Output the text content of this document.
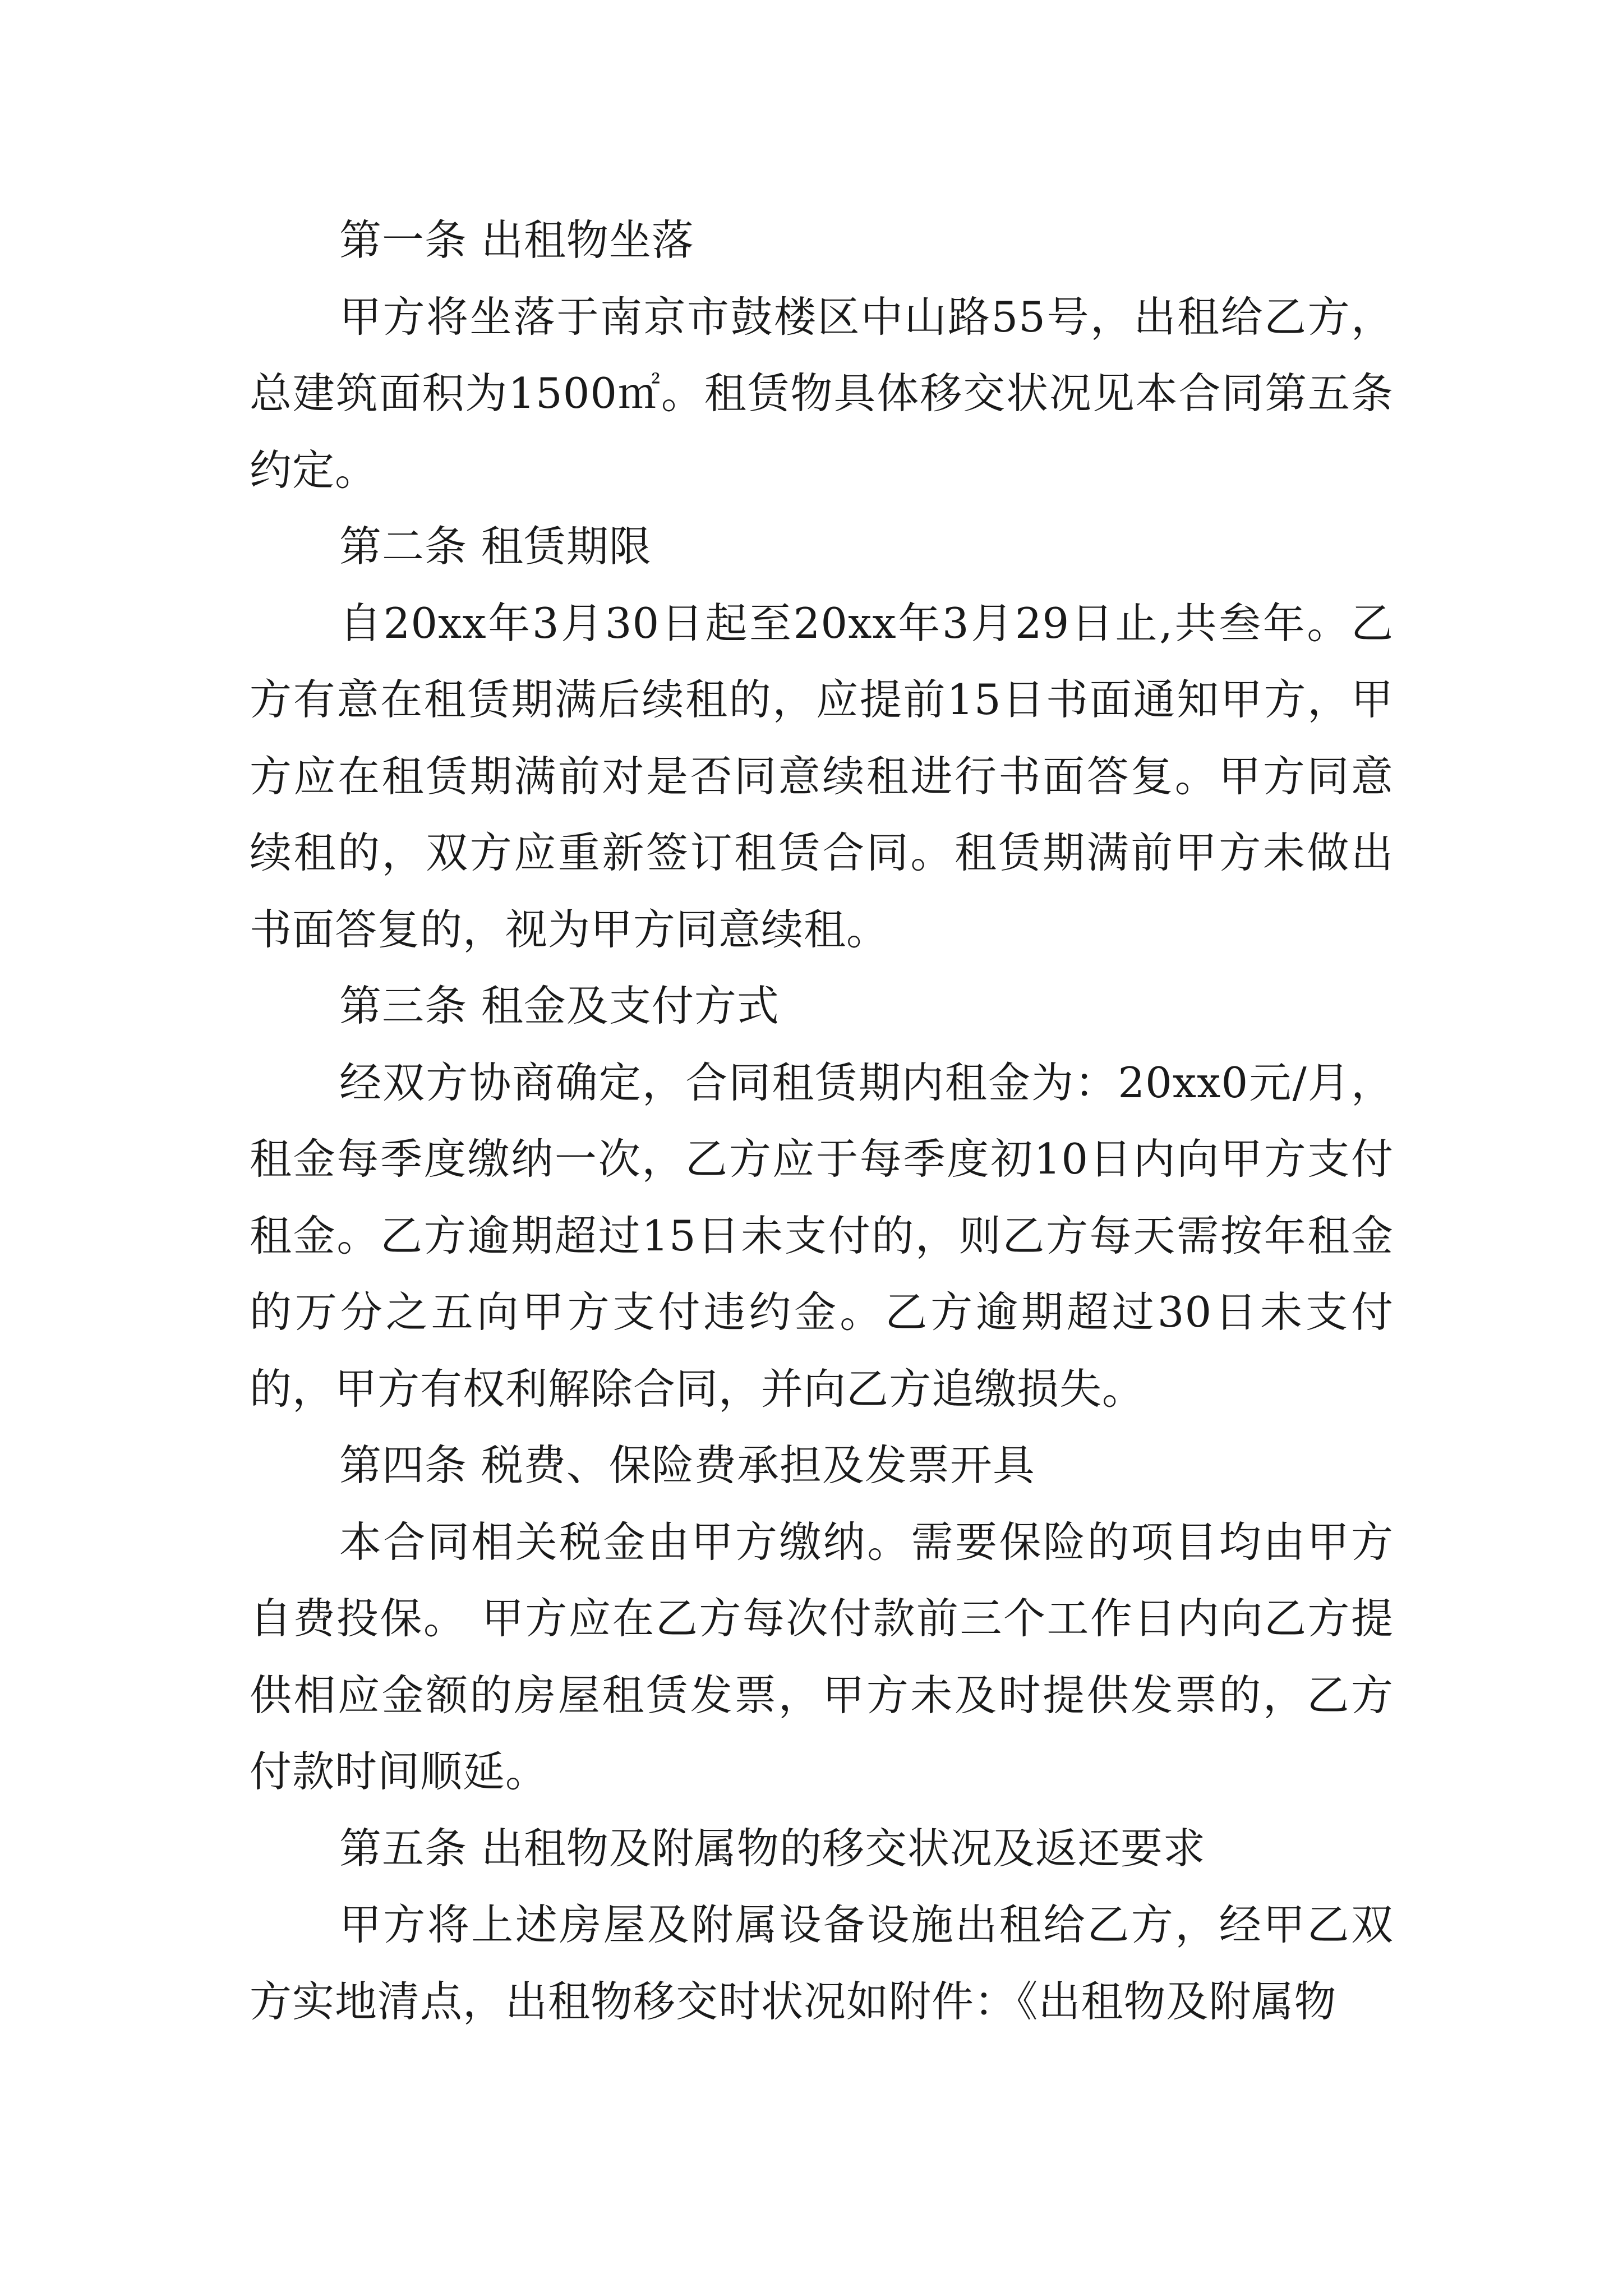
第一条 出租物坐落

甲方将坐落于南京市鼓楼区中山路55号，出租给乙方，总建筑面积为1500㎡。租赁物具体移交状况见本合同第五条约定。

第二条 租赁期限

自20xx年3月30日起至20xx年3月29日止,共叁年。乙方有意在租赁期满后续租的，应提前15日书面通知甲方，甲方应在租赁期满前对是否同意续租进行书面答复。甲方同意续租的，双方应重新签订租赁合同。租赁期满前甲方未做出书面答复的，视为甲方同意续租。

第三条 租金及支付方式

经双方协商确定，合同租赁期内租金为：20xx0元/月，租金每季度缴纳一次，乙方应于每季度初10日内向甲方支付租金。乙方逾期超过15日未支付的，则乙方每天需按年租金的万分之五向甲方支付违约金。乙方逾期超过30日未支付的，甲方有权利解除合同，并向乙方追缴损失。

第四条 税费、保险费承担及发票开具

本合同相关税金由甲方缴纳。需要保险的项目均由甲方自费投保。 甲方应在乙方每次付款前三个工作日内向乙方提供相应金额的房屋租赁发票，甲方未及时提供发票的，乙方付款时间顺延。

第五条 出租物及附属物的移交状况及返还要求

甲方将上述房屋及附属设备设施出租给乙方，经甲乙双方实地清点，出租物移交时状况如附件：《出租物及附属物
